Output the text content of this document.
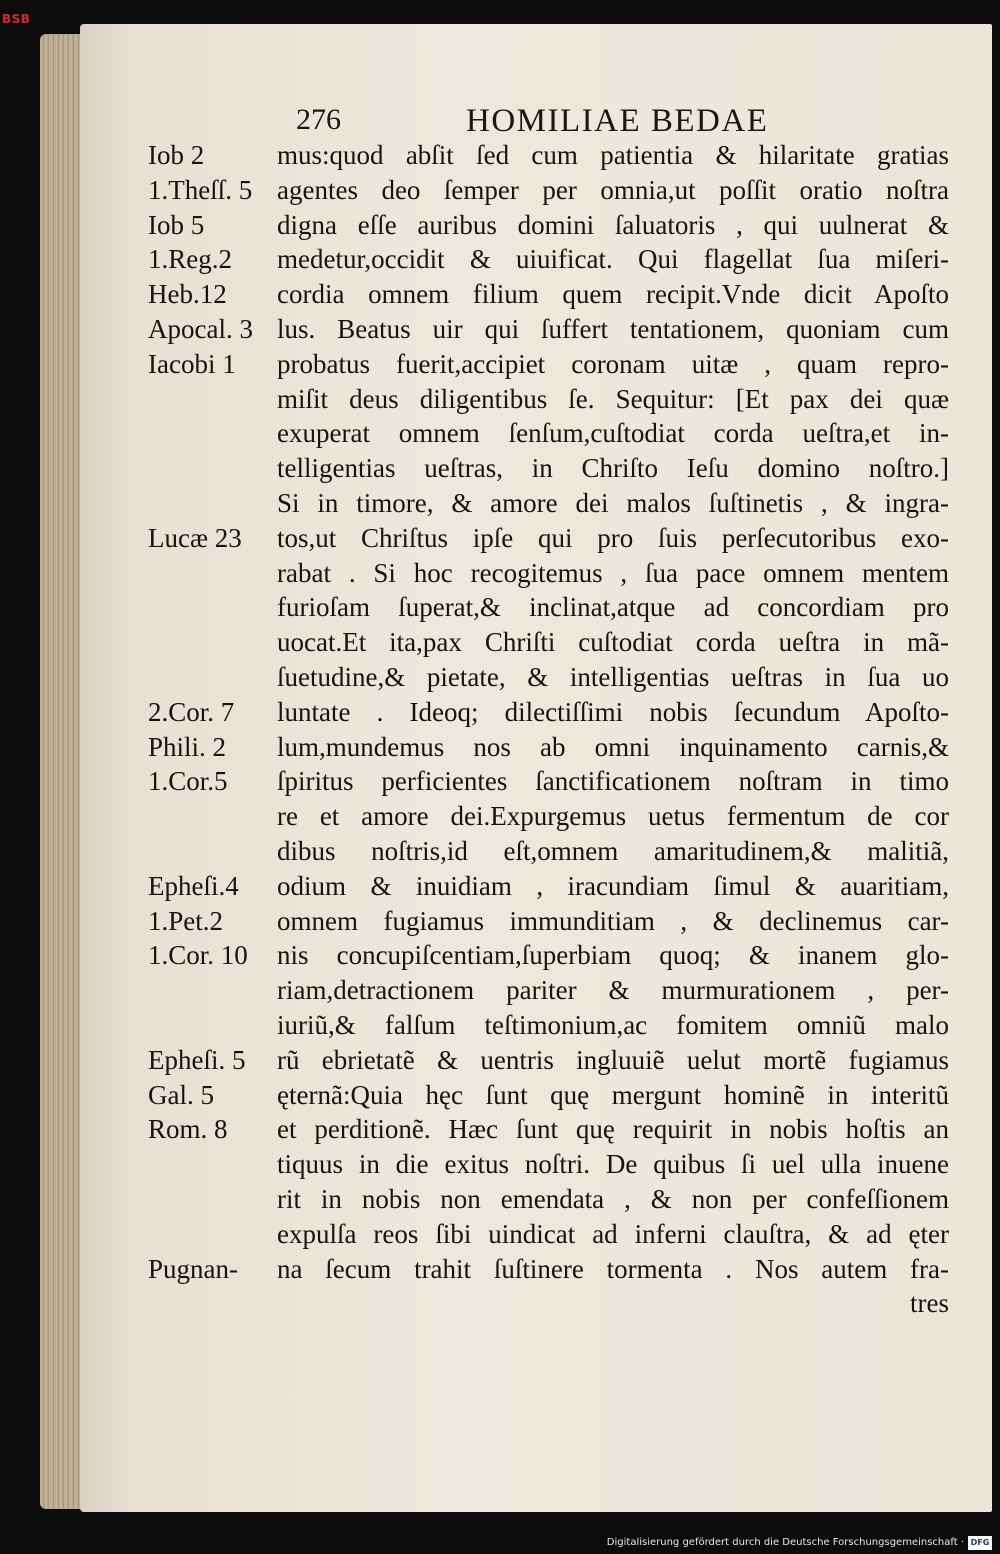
BSB
276	HOMILIAE BEDAE
Iob 2	mus:quod abſit ſed cum patientia & hilaritate gratias
1.Theſſ. 5 agentes deo ſemper per omnia,ut poſſit oratio noſtra
Iob 5	digna eſſe auribus domini ſaluatoris , qui uulnerat &
1.Reg.2 medetur,occidit & uiuificat. Qui flagellat ſua miſeri-
Heb.12 cordia omnem filium quem recipit.Vnde dicit Apoſto
Apocal. 3 lus. Beatus uir qui ſuffert tentationem, quoniam cum
Iacobi 1 probatus fuerit,accipiet coronam uitæ , quam repro-
miſit deus diligentibus ſe. Sequitur: [Et pax dei quæ
exuperat omnem ſenſum,cuſtodiat corda ueſtra,et in-
telligentias ueſtras, in Chriſto Ieſu domino noſtro.]
Si in timore, & amore dei malos ſuſtinetis , & ingra-
Lucæ 23 tos,ut Chriſtus ipſe qui pro ſuis perſecutoribus exo-
rabat . Si hoc recogitemus , ſua pace omnem mentem
furioſam ſuperat,& inclinat,atque ad concordiam pro
uocat.Et ita,pax Chriſti cuſtodiat corda ueſtra in mã-
ſuetudine,& pietate, & intelligentias ueſtras in ſua uo
2.Cor. 7 luntate . Ideoq; dilectiſſimi nobis ſecundum Apoſto-
Phili. 2 lum,mundemus nos ab omni inquinamento carnis,&
1.Cor.5 ſpiritus perficientes ſanctificationem noſtram in timo
re et amore dei.Expurgemus uetus fermentum de cor
dibus noſtris,id eſt,omnem amaritudinem,& malitiã,
Epheſi.4 odium & inuidiam , iracundiam ſimul & auaritiam,
1.Pet.2 omnem fugiamus immunditiam , & declinemus car-
1.Cor. 10 nis concupiſcentiam,ſuperbiam quoq; & inanem glo-
riam,detractionem pariter & murmurationem , per-
iuriũ,& falſum teſtimonium,ac fomitem omniũ malo
Epheſi. 5 rũ ebrietatẽ & uentris ingluuiẽ uelut mortẽ fugiamus
Gal. 5 ęternã:Quia hęc ſunt quę mergunt hominẽ in interitũ
Rom. 8 et perditionẽ. Hæc ſunt quę requirit in nobis hoſtis an
tiquus in die exitus noſtri. De quibus ſi uel ulla inuene
rit in nobis non emendata , & non per confeſſionem
expulſa reos ſibi uindicat ad inferni clauſtra, & ad ęter
Pugnan- na ſecum trahit ſuſtinere tormenta . Nos autem fra-
tres
Digitalisierung gefördert durch die Deutsche Forschungsgemeinschaft · DFG
